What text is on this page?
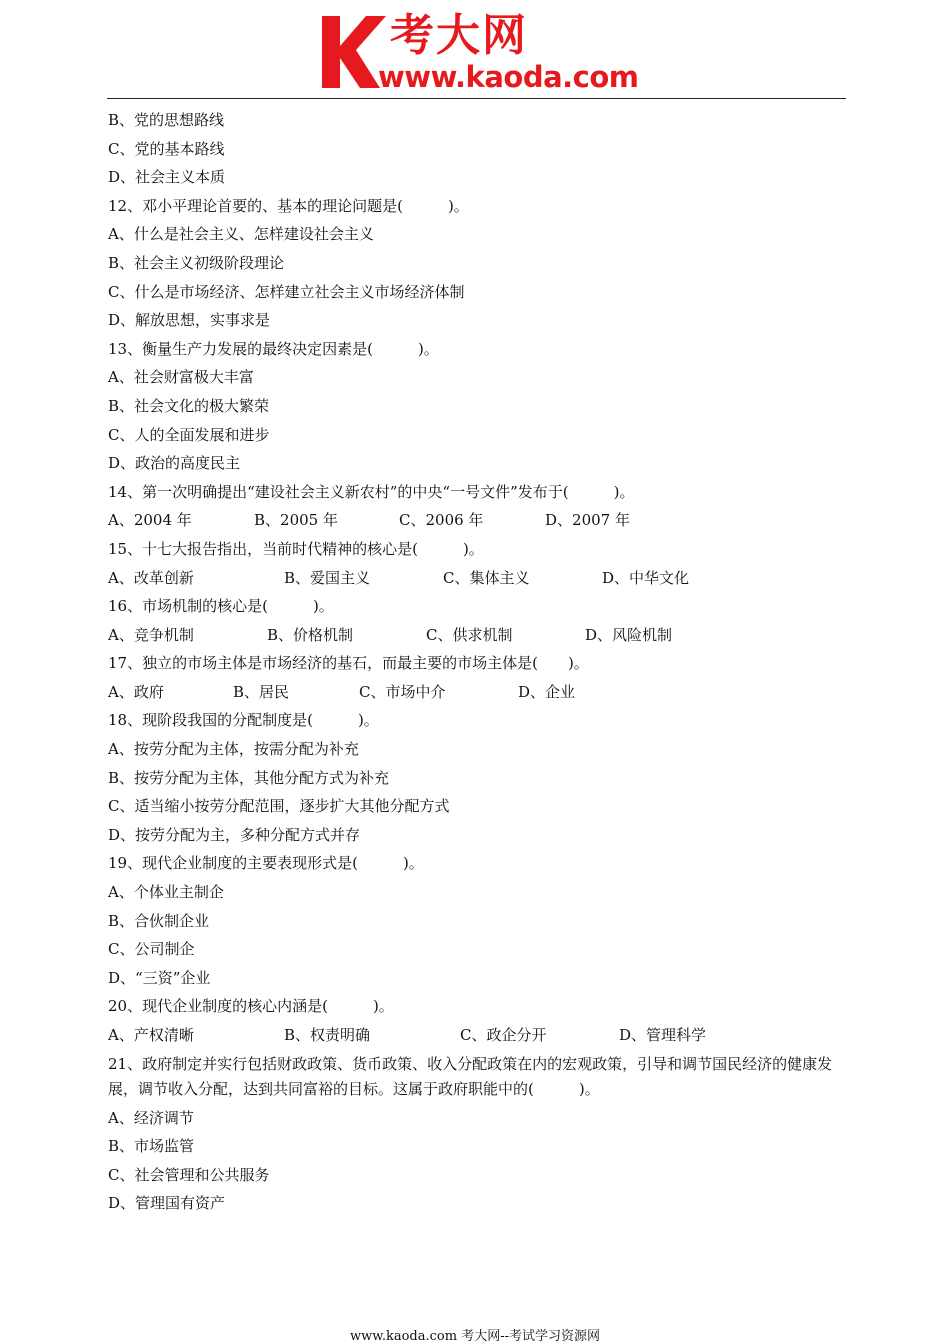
考大网
www.kaoda.com
B、党的思想路线
C、党的基本路线
D、社会主义本质
12、邓小平理论首要的、基本的理论问题是(　　　)。
A、什么是社会主义、怎样建设社会主义
B、社会主义初级阶段理论
C、什么是市场经济、怎样建立社会主义市场经济体制
D、解放思想，实事求是
13、衡量生产力发展的最终决定因素是(　　　)。
A、社会财富极大丰富
B、社会文化的极大繁荣
C、人的全面发展和进步
D、政治的高度民主
14、第一次明确提出“建设社会主义新农村”的中央“一号文件”发布于(　　　)。
A、2004 年	B、2005 年	C、2006 年	D、2007 年
15、十七大报告指出，当前时代精神的核心是(　　　)。
A、改革创新	B、爱国主义	C、集体主义	D、中华文化
16、市场机制的核心是(　　　)。
A、竞争机制	B、价格机制	C、供求机制	D、风险机制
17、独立的市场主体是市场经济的基石，而最主要的市场主体是(　　)。
A、政府	B、居民	C、市场中介	D、企业
18、现阶段我国的分配制度是(　　　)。
A、按劳分配为主体，按需分配为补充
B、按劳分配为主体，其他分配方式为补充
C、适当缩小按劳分配范围，逐步扩大其他分配方式
D、按劳分配为主，多种分配方式并存
19、现代企业制度的主要表现形式是(　　　)。
A、个体业主制企
B、合伙制企业
C、公司制企
D、“三资”企业
20、现代企业制度的核心内涵是(　　　)。
A、产权清晰	B、权责明确	C、政企分开	D、管理科学
21、政府制定并实行包括财政政策、货币政策、收入分配政策在内的宏观政策，引导和调节国民经济的健康发展，调节收入分配，达到共同富裕的目标。这属于政府职能中的(　　　)。
A、经济调节
B、市场监管
C、社会管理和公共服务
D、管理国有资产
www.kaoda.com 考大网--考试学习资源网
